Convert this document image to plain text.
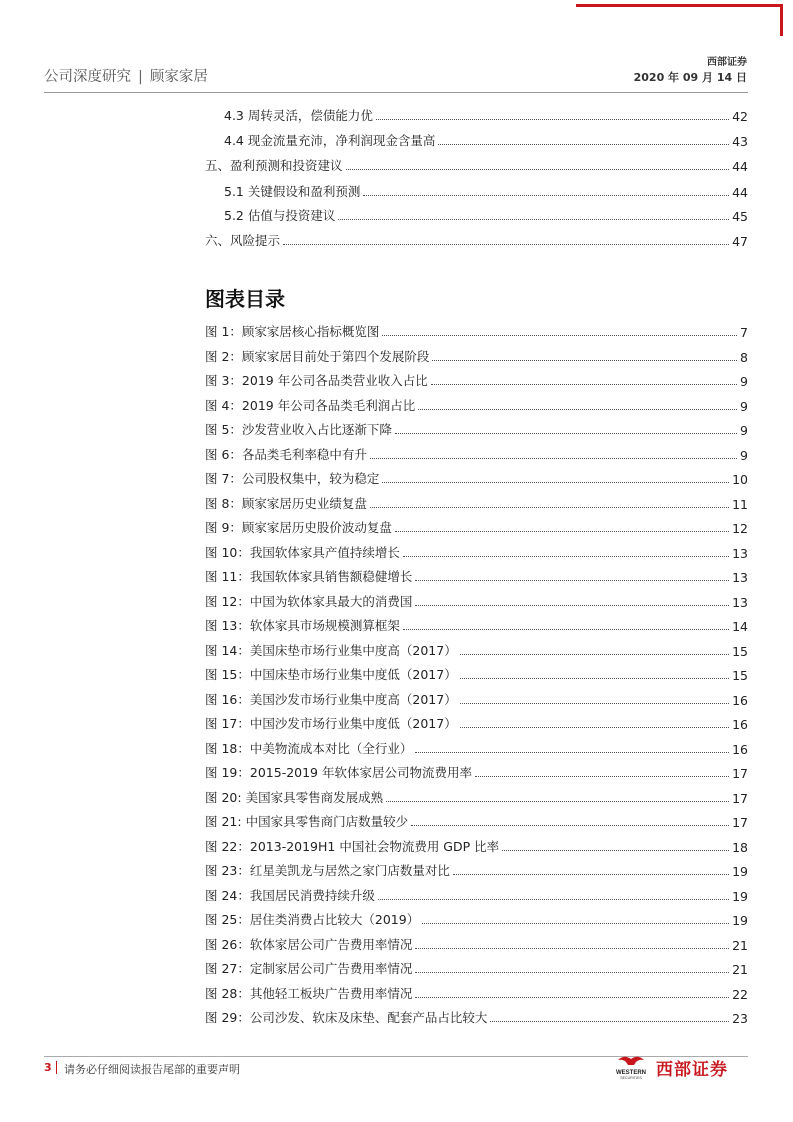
公司深度研究 | 顾家家居
西部证券
2020 年 09 月 14 日
4.3 周转灵活，偿债能力优	42
4.4 现金流量充沛，净利润现金含量高	43
五、盈利预测和投资建议	44
5.1 关键假设和盈利预测	44
5.2 估值与投资建议	45
六、风险提示	47
图表目录
图 1：顾家家居核心指标概览图	7
图 2：顾家家居目前处于第四个发展阶段	8
图 3：2019 年公司各品类营业收入占比	9
图 4：2019 年公司各品类毛利润占比	9
图 5：沙发营业收入占比逐渐下降	9
图 6：各品类毛利率稳中有升	9
图 7：公司股权集中，较为稳定	10
图 8：顾家家居历史业绩复盘	11
图 9：顾家家居历史股价波动复盘	12
图 10：我国软体家具产值持续增长	13
图 11：我国软体家具销售额稳健增长	13
图 12：中国为软体家具最大的消费国	13
图 13：软体家具市场规模测算框架	14
图 14：美国床垫市场行业集中度高（2017）	15
图 15：中国床垫市场行业集中度低（2017）	15
图 16：美国沙发市场行业集中度高（2017）	16
图 17：中国沙发市场行业集中度低（2017）	16
图 18：中美物流成本对比（全行业）	16
图 19：2015-2019 年软体家居公司物流费用率	17
图 20: 美国家具零售商发展成熟	17
图 21: 中国家具零售商门店数量较少	17
图 22：2013-2019H1 中国社会物流费用 GDP 比率	18
图 23：红星美凯龙与居然之家门店数量对比	19
图 24：我国居民消费持续升级	19
图 25：居住类消费占比较大（2019）	19
图 26：软体家居公司广告费用率情况	21
图 27：定制家居公司广告费用率情况	21
图 28：其他轻工板块广告费用率情况	22
图 29：公司沙发、软床及床垫、配套产品占比较大	23
3 请务必仔细阅读报告尾部的重要声明	WESTERN
SECURITIES 西部证券
